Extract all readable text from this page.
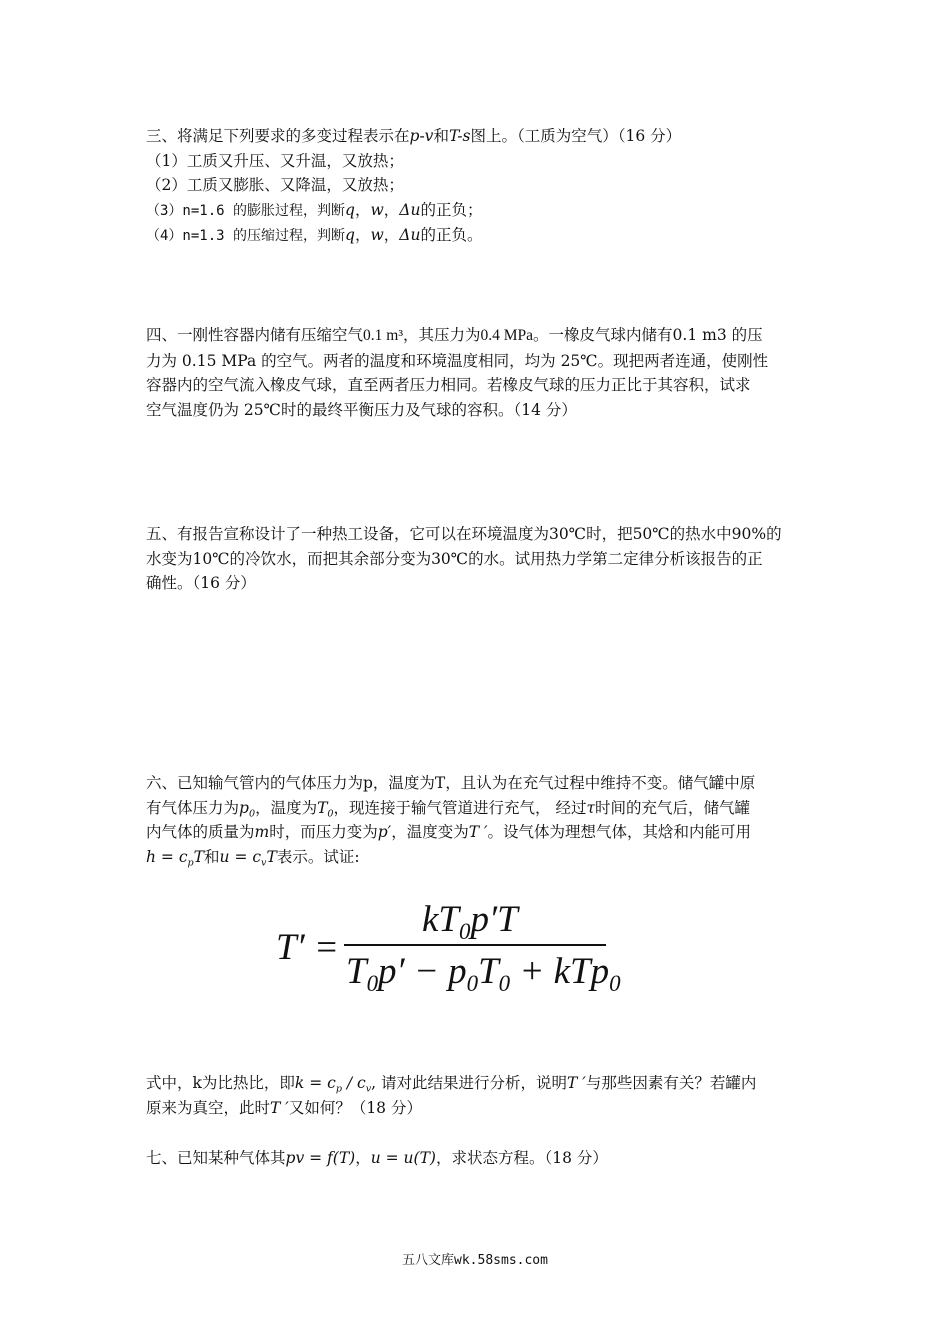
三、将满足下列要求的多变过程表示在p-v和T-s图上。（工质为空气）（16 分）
（1）工质又升压、又升温，又放热；
（2）工质又膨胀、又降温，又放热；
（3）n=1.6 的膨胀过程，判断q，w，Δu的正负；
（4）n=1.3 的压缩过程，判断q，w，Δu的正负。
四、一刚性容器内储有压缩空气0.1 m³，其压力为0.4 MPa。一橡皮气球内储有0.1 m3 的压
力为 0.15 MPa 的空气。两者的温度和环境温度相同，均为 25℃。现把两者连通，使刚性
容器内的空气流入橡皮气球，直至两者压力相同。若橡皮气球的压力正比于其容积，试求
空气温度仍为 25℃时的最终平衡压力及气球的容积。（14 分）
五、有报告宣称设计了一种热工设备，它可以在环境温度为30℃时，把50℃的热水中90%的
水变为10℃的冷饮水，而把其余部分变为30℃的水。试用热力学第二定律分析该报告的正
确性。（16 分）
六、已知输气管内的气体压力为p，温度为T，且认为在充气过程中维持不变。储气罐中原
有气体压力为$p_0$，温度为$T_0$，现连接于输气管道进行充气， 经过τ时间的充气后，储气罐
内气体的质量为m时，而压力变为p′，温度变为T ′。设气体为理想气体，其焓和内能可用
$h = c_pT$和$u = c_vT$表示。试证:
T′ =
$kT_0p'T$
$T_0p' - p_0T_0 + kTp_0$
式中，k为比热比，即$k = c_p / c_v$, 请对此结果进行分析，说明T ′与那些因素有关？若罐内
原来为真空，此时T ′又如何？（18 分）
七、已知某种气体其pv = f(T)，u = u(T)，求状态方程。（18 分）
五八文库wk.58sms.com
